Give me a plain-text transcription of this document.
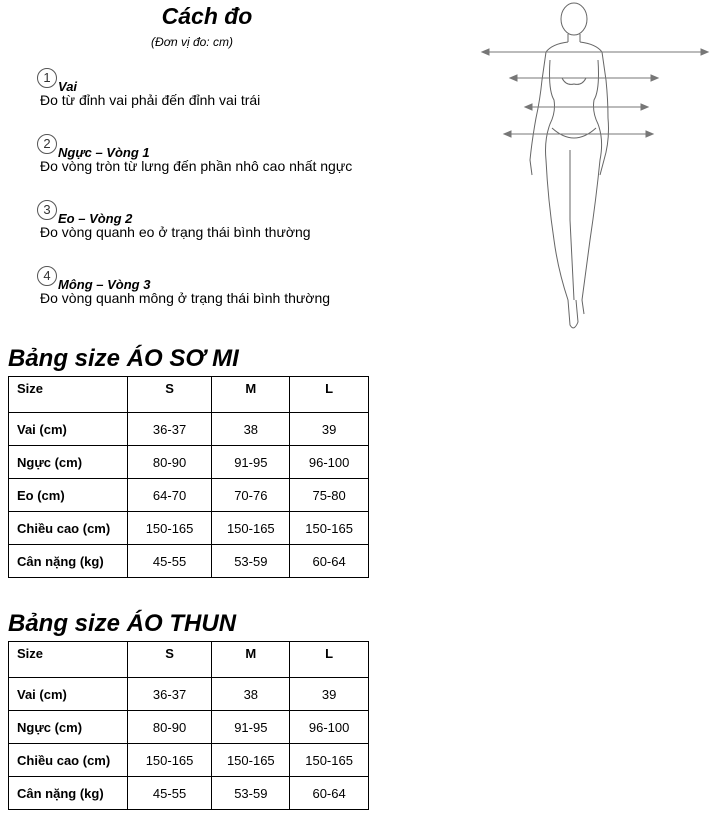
Cách đo
(Đơn vị đo: cm)
$1_{Vai}$
Đo từ đỉnh vai phải đến đỉnh vai trái
$2_{Ngực - Vòng 1}$
Đo vòng tròn từ lưng đến phần nhô cao nhất ngực
$3_{Eo - Vòng 2}$
Đo vòng quanh eo ở trạng thái bình thường
$4_{Mông - Vòng 3}$
Đo vòng quanh mông ở trạng thái bình thường
Bảng size ÁO SƠ MI
Size	S	M	L
Vai (cm)	36-37	38	39
Ngực (cm)	80-90	91-95	96-100
Eo (cm)	64-70	70-76	75-80
Chiều cao (cm)	150-165	150-165	150-165
Cân nặng (kg)	45-55	53-59	60-64
Bảng size ÁO THUN
Size	S	M	L
Vai (cm)	36-37	38	39
Ngực (cm)	80-90	91-95	96-100
Chiều cao (cm)	150-165	150-165	150-165
Cân nặng (kg)	45-55	53-59	60-64
